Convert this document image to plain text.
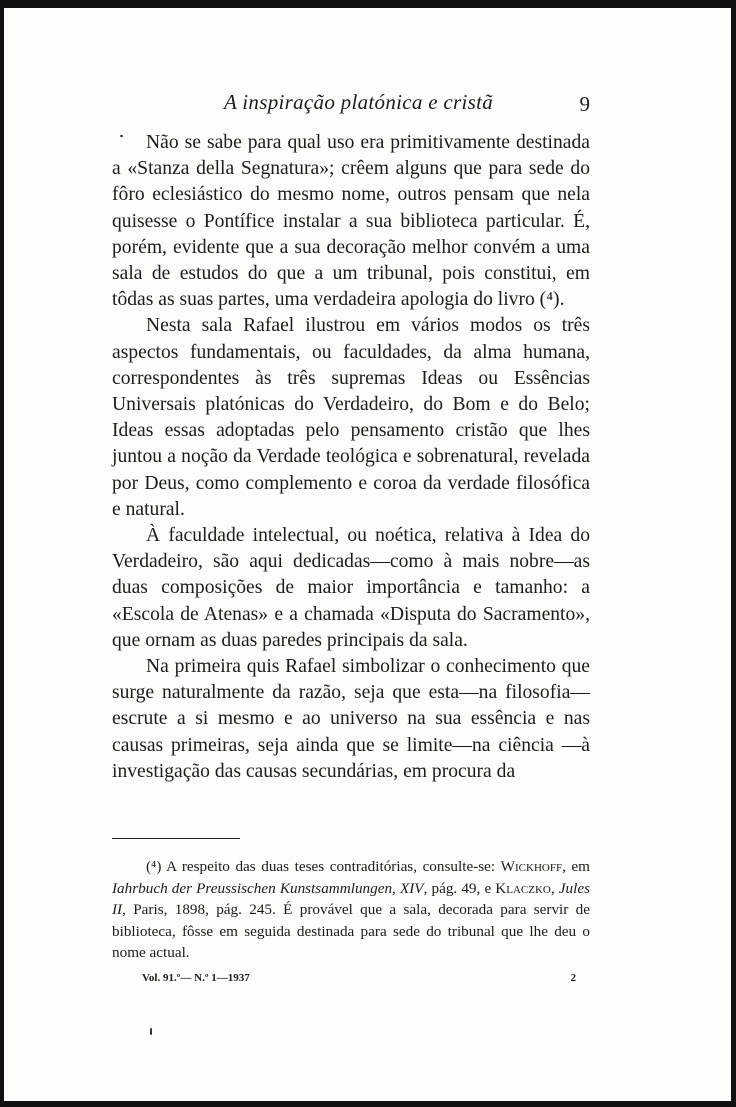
A inspiração platónica e cristã	9

Não se sabe para qual uso era primitivamente destinada a «Stanza della Segnatura»; crêem alguns que para sede do fôro eclesiástico do mesmo nome, outros pensam que nela quisesse o Pontífice instalar a sua biblioteca particular. É, porém, evidente que a sua decoração melhor convém a uma sala de estudos do que a um tribunal, pois constitui, em tôdas as suas partes, uma verdadeira apologia do livro (⁴).

Nesta sala Rafael ilustrou em vários modos os três aspectos fundamentais, ou faculdades, da alma humana, correspondentes às três supremas Ideas ou Essências Universais platónicas do Verdadeiro, do Bom e do Belo; Ideas essas adoptadas pelo pensamento cristão que lhes juntou a noção da Verdade teológica e sobrenatural, revelada por Deus, como complemento e coroa da verdade filosófica e natural.

À faculdade intelectual, ou noética, relativa à Idea do Verdadeiro, são aqui dedicadas—como à mais nobre—as duas composições de maior importância e tamanho: a «Escola de Atenas» e a chamada «Disputa do Sacramento», que ornam as duas paredes principais da sala.

Na primeira quis Rafael simbolizar o conhecimento que surge naturalmente da razão, seja que esta—na filosofia—escrute a si mesmo e ao universo na sua essência e nas causas primeiras, seja ainda que se limite—na ciência —à investigação das causas secundárias, em procura da

(⁴) A respeito das duas teses contraditórias, consulte-se: Wickhoff, em Iahrbuch der Preussischen Kunstsammlungen, XIV, pág. 49, e Klaczko, Jules II, Paris, 1898, pág. 245. É provável que a sala, decorada para servir de biblioteca, fôsse em seguida destinada para sede do tribunal que lhe deu o nome actual.

Vol. 91.º— N.º 1—1937	2
